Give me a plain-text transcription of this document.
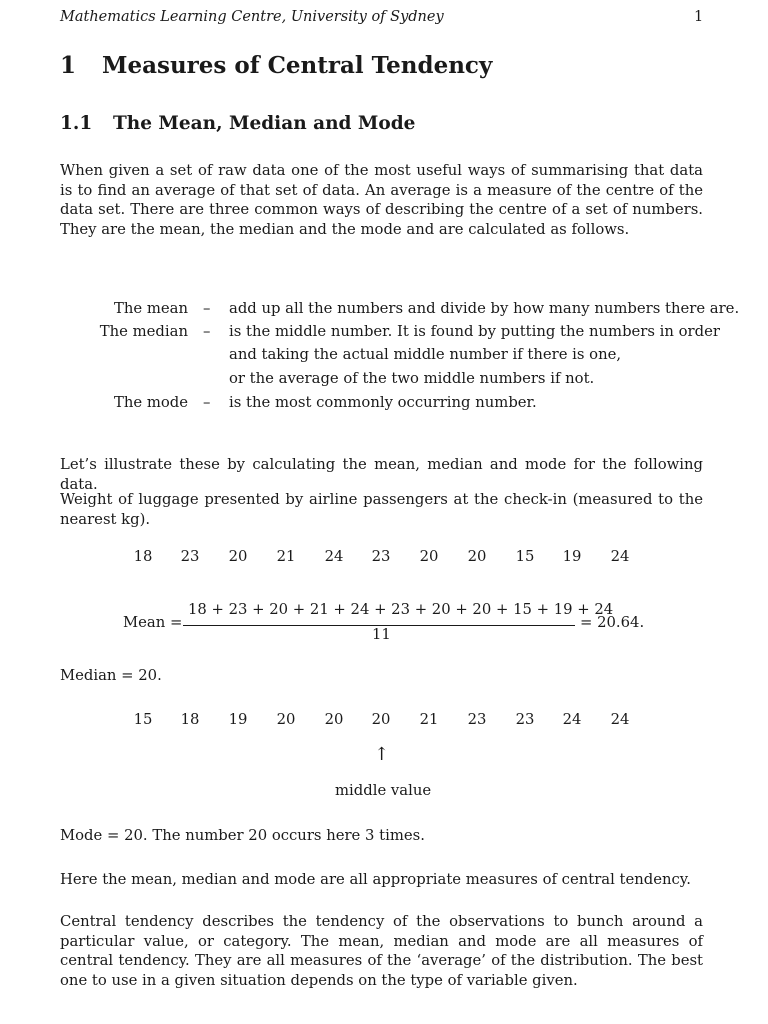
Mathematics Learning Centre, University of Sydney	1
1 Measures of Central Tendency
1.1 The Mean, Median and Mode
When given a set of raw data one of the most useful ways of summarising that data is to find an average of that set of data. An average is a measure of the centre of the data set. There are three common ways of describing the centre of a set of numbers. They are the mean, the median and the mode and are calculated as follows.
The mean – add up all the numbers and divide by how many numbers there are.
The median – is the middle number. It is found by putting the numbers in order
and taking the actual middle number if there is one,
or the average of the two middle numbers if not.
The mode – is the most commonly occurring number.
Let’s illustrate these by calculating the mean, median and mode for the following data.
Weight of luggage presented by airline passengers at the check-in (measured to the nearest kg).
18	23	20	21	24	23	20	20	15	19	24
Mean =
18 + 23 + 20 + 21 + 24 + 23 + 20 + 20 + 15 + 19 + 24
11
= 20.64.
Median = 20.
15	18	19	20	20	20	21	23	23	24	24
↑
middle value
Mode = 20. The number 20 occurs here 3 times.
Here the mean, median and mode are all appropriate measures of central tendency.
Central tendency describes the tendency of the observations to bunch around a particular value, or category. The mean, median and mode are all measures of central tendency. They are all measures of the ‘average’ of the distribution. The best one to use in a given situation depends on the type of variable given.
